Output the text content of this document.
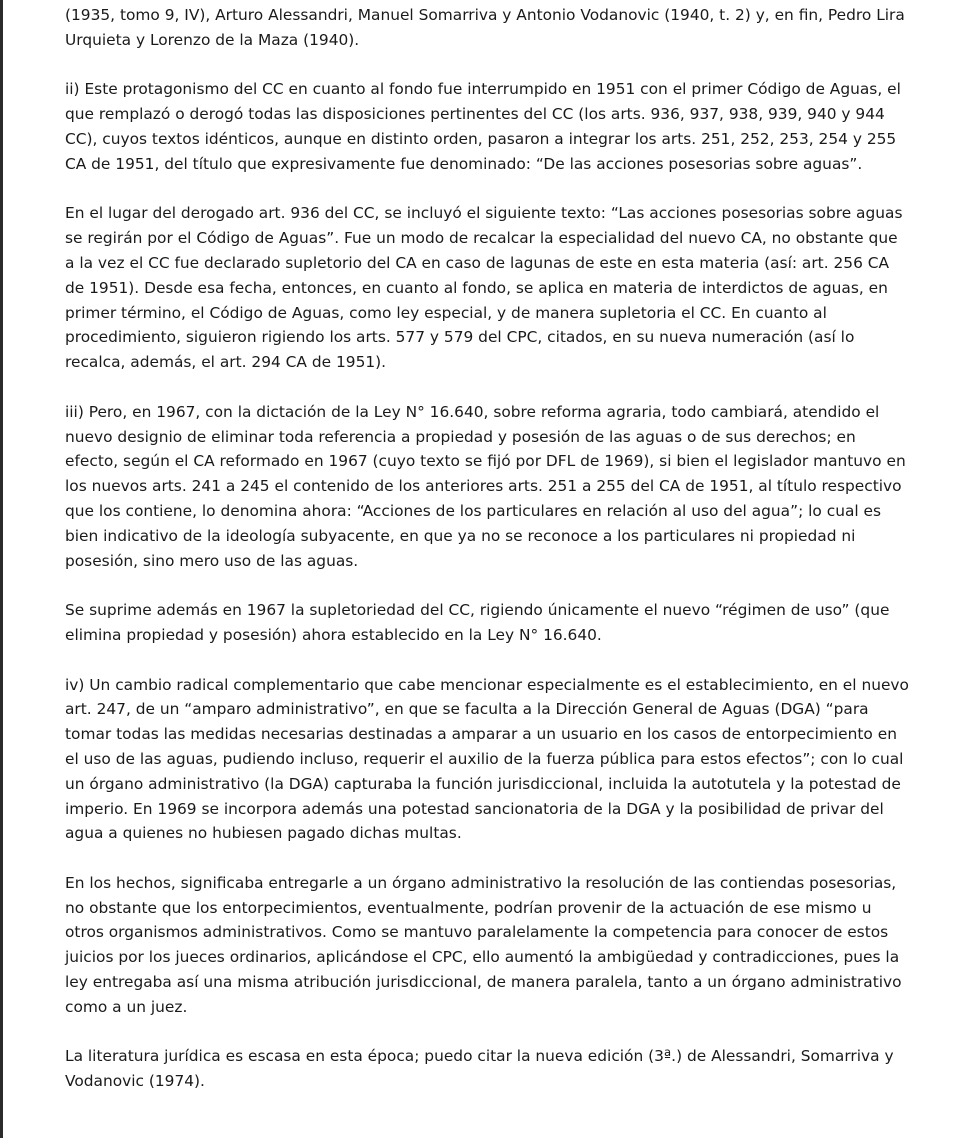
(1935, tomo 9, IV), Arturo Alessandri, Manuel Somarriva y Antonio Vodanovic (1940, t. 2) y, en fin, Pedro Lira Urquieta y Lorenzo de la Maza (1940).

ii) Este protagonismo del CC en cuanto al fondo fue interrumpido en 1951 con el primer Código de Aguas, el que remplazó o derogó todas las disposiciones pertinentes del CC (los arts. 936, 937, 938, 939, 940 y 944 CC), cuyos textos idénticos, aunque en distinto orden, pasaron a integrar los arts. 251, 252, 253, 254 y 255 CA de 1951, del título que expresivamente fue denominado: “De las acciones posesorias sobre aguas”.

En el lugar del derogado art. 936 del CC, se incluyó el siguiente texto: “Las acciones posesorias sobre aguas se regirán por el Código de Aguas”. Fue un modo de recalcar la especialidad del nuevo CA, no obstante que a la vez el CC fue declarado supletorio del CA en caso de lagunas de este en esta materia (así: art. 256 CA de 1951). Desde esa fecha, entonces, en cuanto al fondo, se aplica en materia de interdictos de aguas, en primer término, el Código de Aguas, como ley especial, y de manera supletoria el CC. En cuanto al procedimiento, siguieron rigiendo los arts. 577 y 579 del CPC, citados, en su nueva numeración (así lo recalca, además, el art. 294 CA de 1951).

iii) Pero, en 1967, con la dictación de la Ley N° 16.640, sobre reforma agraria, todo cambiará, atendido el nuevo designio de eliminar toda referencia a propiedad y posesión de las aguas o de sus derechos; en efecto, según el CA reformado en 1967 (cuyo texto se fijó por DFL de 1969), si bien el legislador mantuvo en los nuevos arts. 241 a 245 el contenido de los anteriores arts. 251 a 255 del CA de 1951, al título respectivo que los contiene, lo denomina ahora: “Acciones de los particulares en relación al uso del agua”; lo cual es bien indicativo de la ideología subyacente, en que ya no se reconoce a los particulares ni propiedad ni posesión, sino mero uso de las aguas.

Se suprime además en 1967 la supletoriedad del CC, rigiendo únicamente el nuevo “régimen de uso” (que elimina propiedad y posesión) ahora establecido en la Ley N° 16.640.

iv) Un cambio radical complementario que cabe mencionar especialmente es el establecimiento, en el nuevo art. 247, de un “amparo administrativo”, en que se faculta a la Dirección General de Aguas (DGA) “para tomar todas las medidas necesarias destinadas a amparar a un usuario en los casos de entorpecimiento en el uso de las aguas, pudiendo incluso, requerir el auxilio de la fuerza pública para estos efectos”; con lo cual un órgano administrativo (la DGA) capturaba la función jurisdiccional, incluida la autotutela y la potestad de imperio. En 1969 se incorpora además una potestad sancionatoria de la DGA y la posibilidad de privar del agua a quienes no hubiesen pagado dichas multas.

En los hechos, significaba entregarle a un órgano administrativo la resolución de las contiendas posesorias, no obstante que los entorpecimientos, eventualmente, podrían provenir de la actuación de ese mismo u otros organismos administrativos. Como se mantuvo paralelamente la competencia para conocer de estos juicios por los jueces ordinarios, aplicándose el CPC, ello aumentó la ambigüedad y contradicciones, pues la ley entregaba así una misma atribución jurisdiccional, de manera paralela, tanto a un órgano administrativo como a un juez.

La literatura jurídica es escasa en esta época; puedo citar la nueva edición (3ª.) de Alessandri, Somarriva y Vodanovic (1974).
